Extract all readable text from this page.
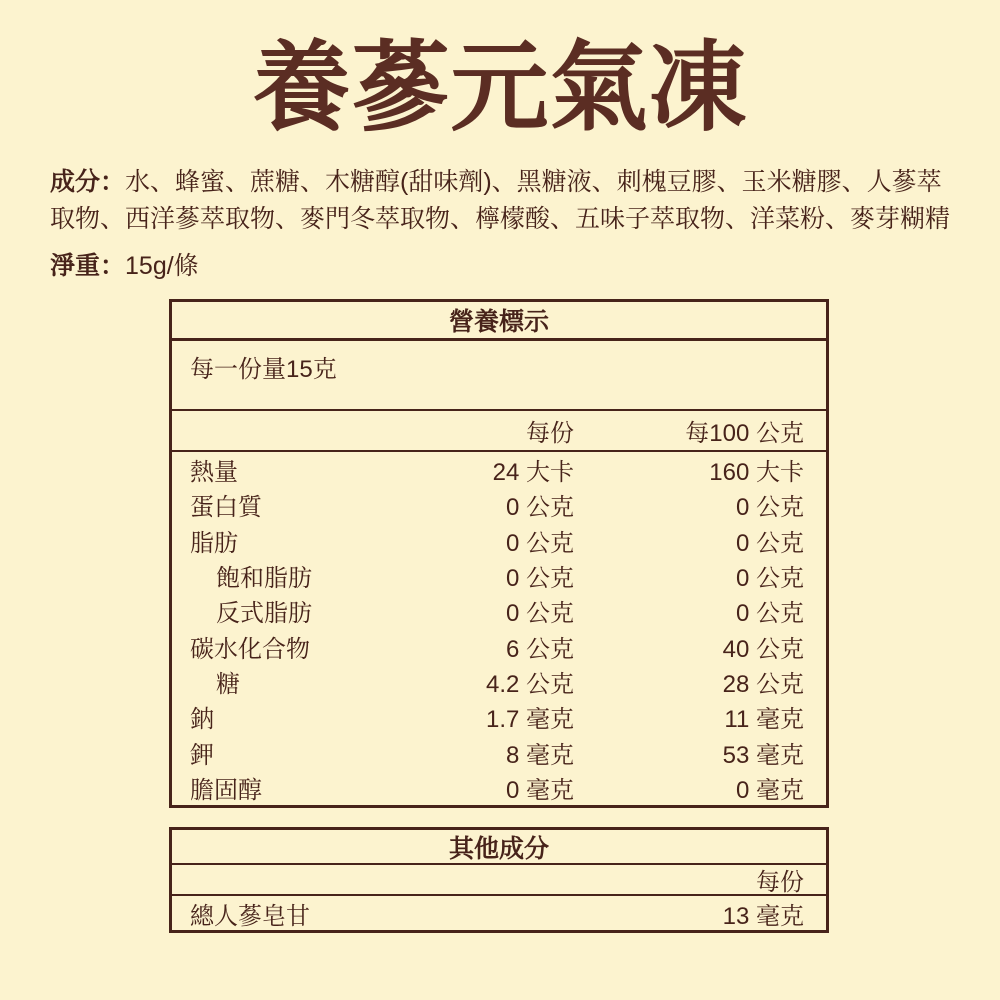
養蔘元氣凍
成分：水、蜂蜜、蔗糖、木糖醇(甜味劑)、黑糖液、刺槐豆膠、玉米糖膠、人蔘萃取物、西洋蔘萃取物、麥門冬萃取物、檸檬酸、五味子萃取物、洋菜粉、麥芽糊精
淨重：15g/條
營養標示
每一份量15克
每份	每100 公克
熱量	24 大卡	160 大卡
蛋白質	0 公克	0 公克
脂肪	0 公克	0 公克
飽和脂肪	0 公克	0 公克
反式脂肪	0 公克	0 公克
碳水化合物	6 公克	40 公克
糖	4.2 公克	28 公克
鈉	1.7 毫克	11 毫克
鉀	8 毫克	53 毫克
膽固醇	0 毫克	0 毫克
其他成分
每份
總人蔘皂甘	13 毫克
